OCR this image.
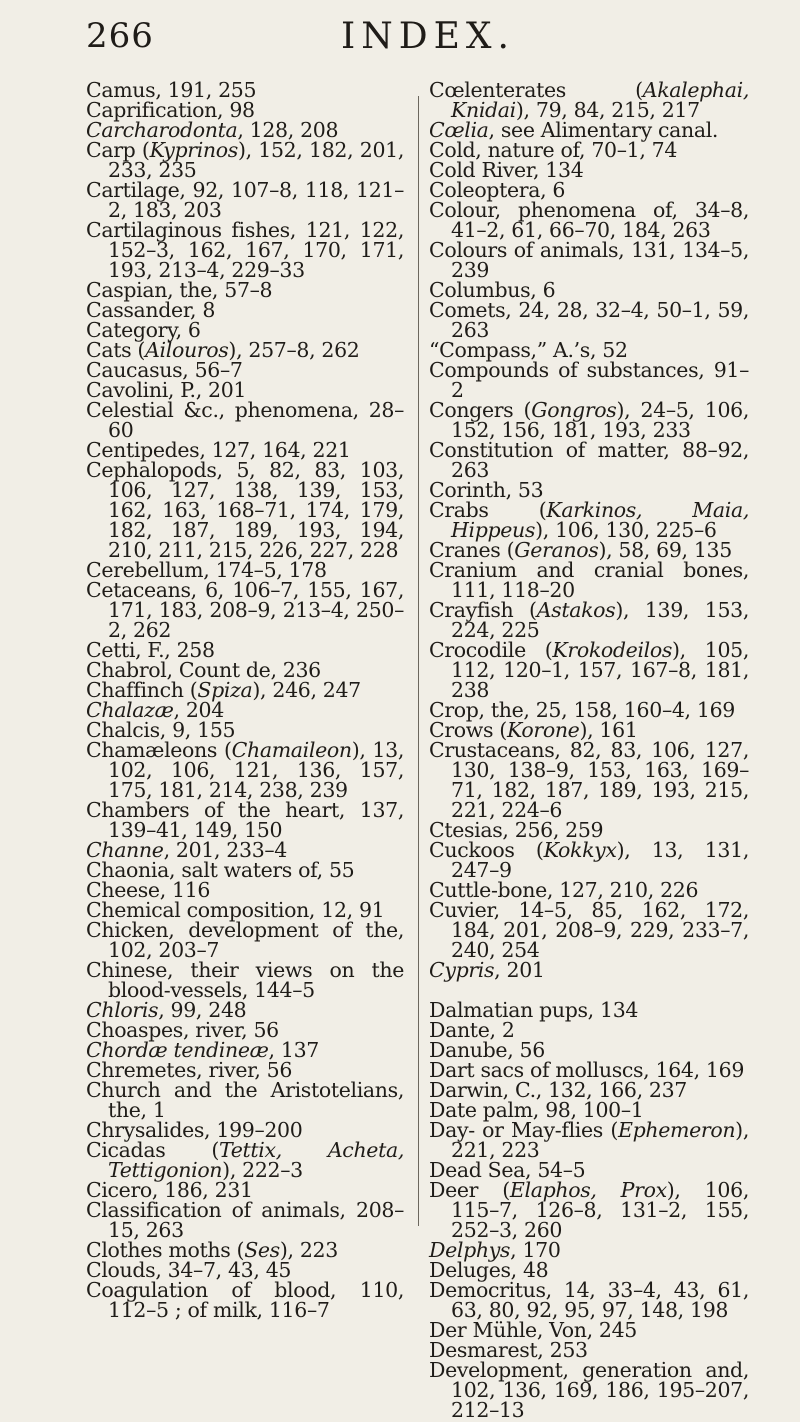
266	INDEX.

Camus, 191, 255

Caprification, 98

Carcharodonta, 128, 208

Carp (Kyprinos), 152, 182, 201, 233, 235

Cartilage, 92, 107–8, 118, 121–2, 183, 203

Cartilaginous fishes, 121, 122, 152–3, 162, 167, 170, 171, 193, 213–4, 229–33

Caspian, the, 57–8

Cassander, 8

Category, 6

Cats (Ailouros), 257–8, 262

Caucasus, 56–7

Cavolini, P., 201

Celestial &c., phenomena, 28–60

Centipedes, 127, 164, 221

Cephalopods, 5, 82, 83, 103, 106, 127, 138, 139, 153, 162, 163, 168–71, 174, 179, 182, 187, 189, 193, 194, 210, 211, 215, 226, 227, 228

Cerebellum, 174–5, 178

Cetaceans, 6, 106–7, 155, 167, 171, 183, 208–9, 213–4, 250–2, 262

Cetti, F., 258

Chabrol, Count de, 236

Chaffinch (Spiza), 246, 247

Chalazæ, 204

Chalcis, 9, 155

Chamæleons (Chamaileon), 13, 102, 106, 121, 136, 157, 175, 181, 214, 238, 239

Chambers of the heart, 137, 139–41, 149, 150

Channe, 201, 233–4

Chaonia, salt waters of, 55

Cheese, 116

Chemical composition, 12, 91

Chicken, development of the, 102, 203–7

Chinese, their views on the blood-vessels, 144–5

Chloris, 99, 248

Choaspes, river, 56

Chordæ tendineæ, 137

Chremetes, river, 56

Church and the Aristotelians, the, 1

Chrysalides, 199–200

Cicadas (Tettix, Acheta, Tettigonion), 222–3

Cicero, 186, 231

Classification of animals, 208–15, 263

Clothes moths (Ses), 223

Clouds, 34–7, 43, 45

Coagulation of blood, 110, 112–5 ; of milk, 116–7

Cœlenterates (Akalephai, Knidai), 79, 84, 215, 217

Cœlia, see Alimentary canal.

Cold, nature of, 70–1, 74

Cold River, 134

Coleoptera, 6

Colour, phenomena of, 34–8, 41–2, 61, 66–70, 184, 263

Colours of animals, 131, 134–5, 239

Columbus, 6

Comets, 24, 28, 32–4, 50–1, 59, 263

“Compass,” A.’s, 52

Compounds of substances, 91–2

Congers (Gongros), 24–5, 106, 152, 156, 181, 193, 233

Constitution of matter, 88–92, 263

Corinth, 53

Crabs (Karkinos, Maia, Hippeus), 106, 130, 225–6

Cranes (Geranos), 58, 69, 135

Cranium and cranial bones, 111, 118–20

Crayfish (Astakos), 139, 153, 224, 225

Crocodile (Krokodeilos), 105, 112, 120–1, 157, 167–8, 181, 238

Crop, the, 25, 158, 160–4, 169

Crows (Korone), 161

Crustaceans, 82, 83, 106, 127, 130, 138–9, 153, 163, 169–71, 182, 187, 189, 193, 215, 221, 224–6

Ctesias, 256, 259

Cuckoos (Kokkyx), 13, 131, 247–9

Cuttle-bone, 127, 210, 226

Cuvier, 14–5, 85, 162, 172, 184, 201, 208–9, 229, 233–7, 240, 254

Cypris, 201

Dalmatian pups, 134

Dante, 2

Danube, 56

Dart sacs of molluscs, 164, 169

Darwin, C., 132, 166, 237

Date palm, 98, 100–1

Day- or May-flies (Ephemeron), 221, 223

Dead Sea, 54–5

Deer (Elaphos, Prox), 106, 115–7, 126–8, 131–2, 155, 252–3, 260

Delphys, 170

Deluges, 48

Democritus, 14, 33–4, 43, 61, 63, 80, 92, 95, 97, 148, 198

Der Mühle, Von, 245

Desmarest, 253

Development, generation and, 102, 136, 169, 186, 195–207, 212–13
